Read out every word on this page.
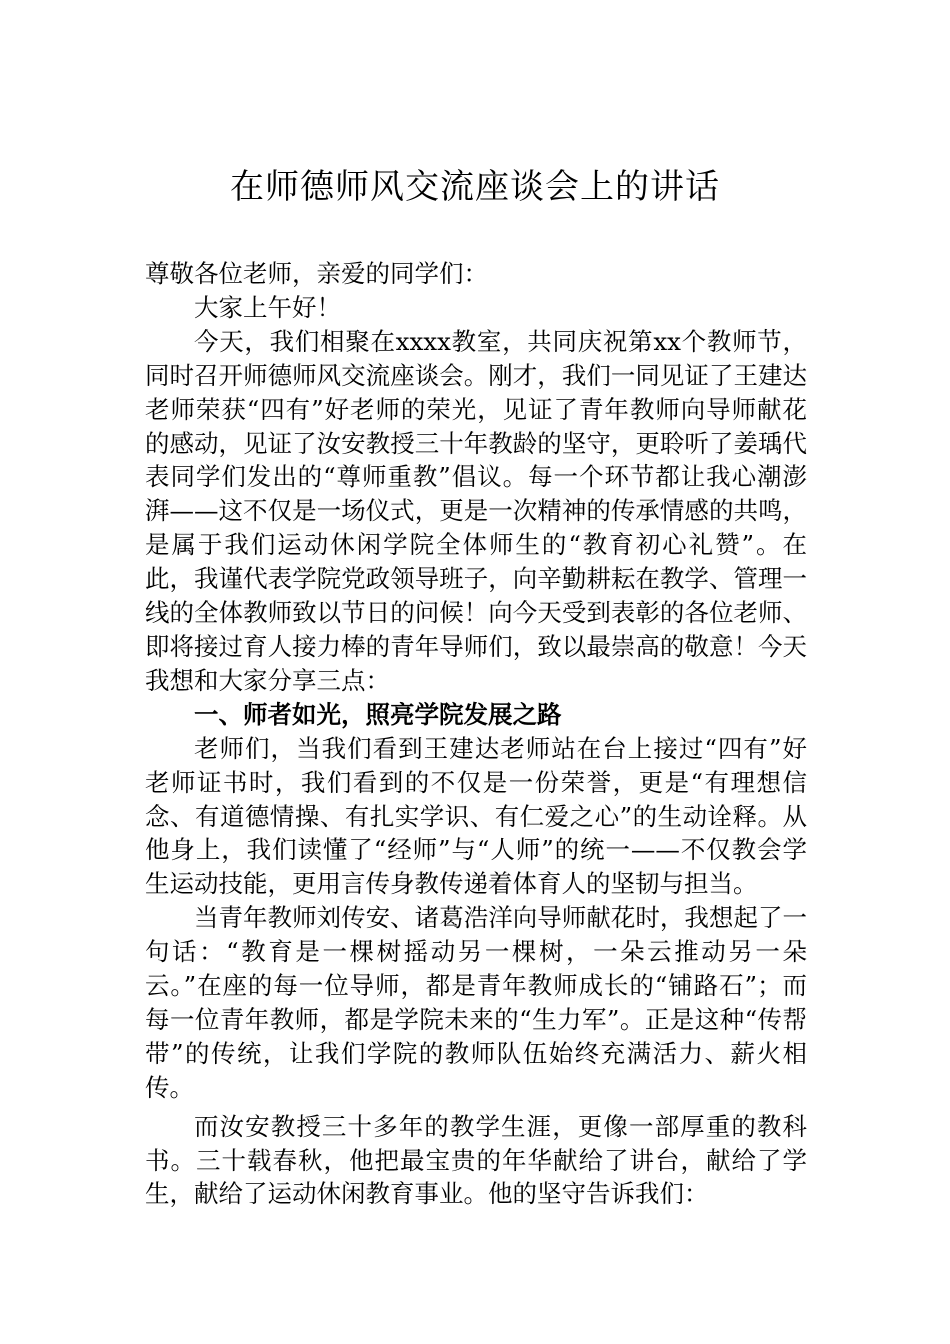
在师德师风交流座谈会上的讲话

尊敬各位老师，亲爱的同学们：

大家上午好！

今天，我们相聚在xxxx教室，共同庆祝第xx个教师节，同时召开师德师风交流座谈会。刚才，我们一同见证了王建达老师荣获“四有”好老师的荣光，见证了青年教师向导师献花的感动，见证了汝安教授三十年教龄的坚守，更聆听了姜瑀代表同学们发出的“尊师重教”倡议。每一个环节都让我心潮澎湃——这不仅是一场仪式，更是一次精神的传承情感的共鸣，是属于我们运动休闲学院全体师生的“教育初心礼赞”。在此，我谨代表学院党政领导班子，向辛勤耕耘在教学、管理一线的全体教师致以节日的问候！向今天受到表彰的各位老师、即将接过育人接力棒的青年导师们，致以最崇高的敬意！今天我想和大家分享三点：

一、师者如光，照亮学院发展之路

老师们，当我们看到王建达老师站在台上接过“四有”好老师证书时，我们看到的不仅是一份荣誉，更是“有理想信念、有道德情操、有扎实学识、有仁爱之心”的生动诠释。从他身上，我们读懂了“经师”与“人师”的统一——不仅教会学生运动技能，更用言传身教传递着体育人的坚韧与担当。

当青年教师刘传安、诸葛浩洋向导师献花时，我想起了一句话：“教育是一棵树摇动另一棵树，一朵云推动另一朵云。”在座的每一位导师，都是青年教师成长的“铺路石”；而每一位青年教师，都是学院未来的“生力军”。正是这种“传帮带”的传统，让我们学院的教师队伍始终充满活力、薪火相传。

而汝安教授三十多年的教学生涯，更像一部厚重的教科书。三十载春秋，他把最宝贵的年华献给了讲台，献给了学生，献给了运动休闲教育事业。他的坚守告诉我们：
